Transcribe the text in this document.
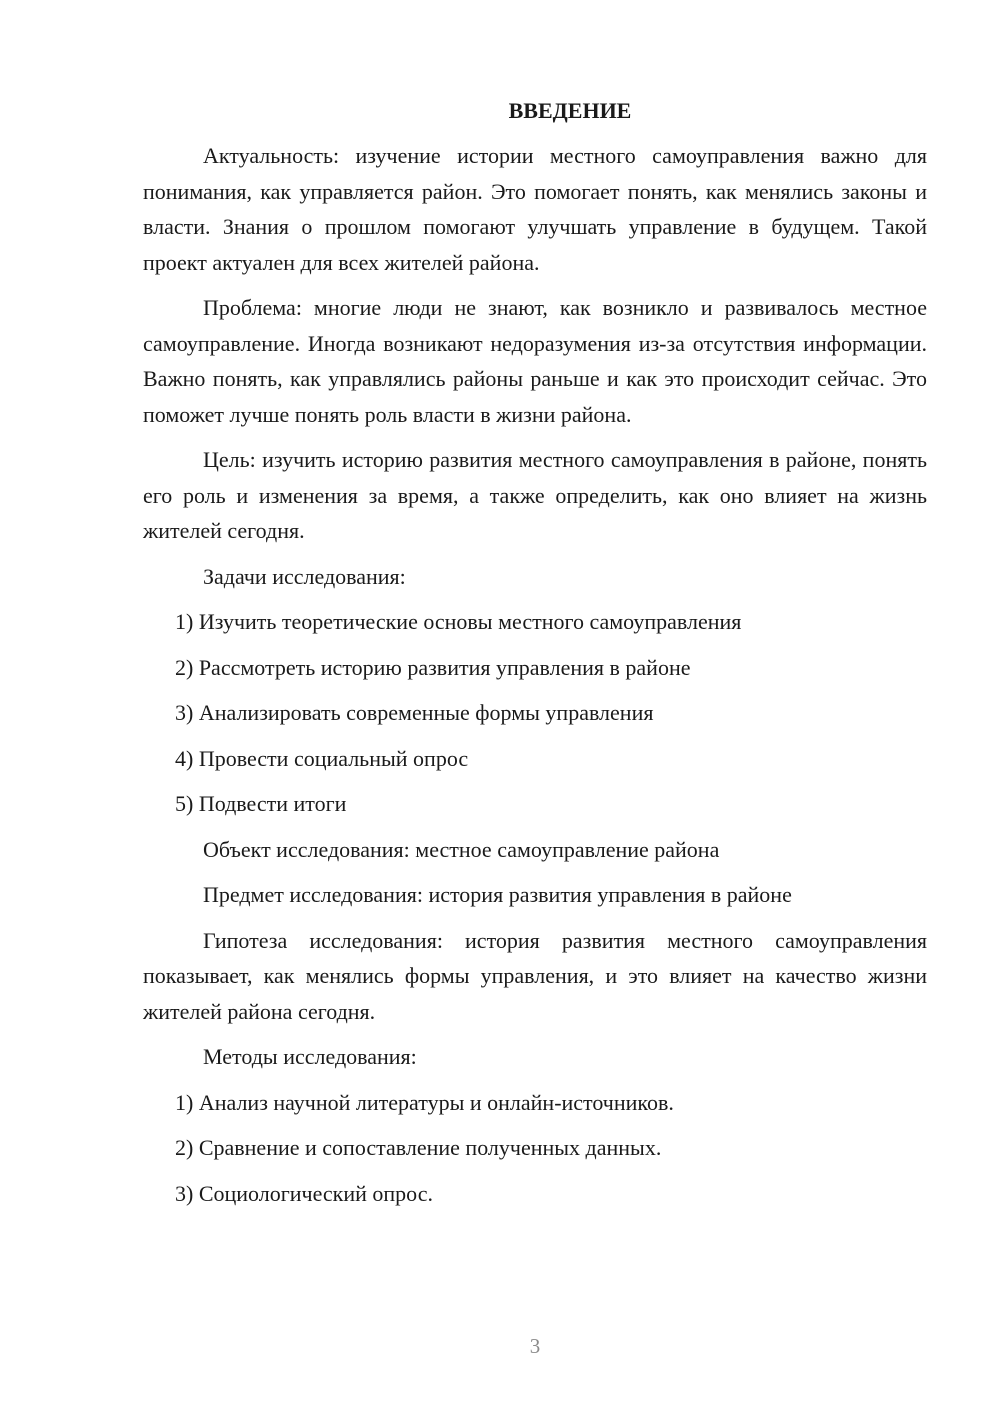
ВВЕДЕНИЕ

Актуальность: изучение истории местного самоуправления важно для понимания, как управляется район. Это помогает понять, как менялись законы и власти. Знания о прошлом помогают улучшать управление в будущем. Такой проект актуален для всех жителей района.

Проблема: многие люди не знают, как возникло и развивалось местное самоуправление. Иногда возникают недоразумения из-за отсутствия информации. Важно понять, как управлялись районы раньше и как это происходит сейчас. Это поможет лучше понять роль власти в жизни района.

Цель: изучить историю развития местного самоуправления в районе, понять его роль и изменения за время, а также определить, как оно влияет на жизнь жителей сегодня.

Задачи исследования:

1) Изучить теоретические основы местного самоуправления

2) Рассмотреть историю развития управления в районе

3) Анализировать современные формы управления

4) Провести социальный опрос

5) Подвести итоги

Объект исследования: местное самоуправление района

Предмет исследования: история развития управления в районе

Гипотеза исследования: история развития местного самоуправления показывает, как менялись формы управления, и это влияет на качество жизни жителей района сегодня.

Методы исследования:

1) Анализ научной литературы и онлайн-источников.

2) Сравнение и сопоставление полученных данных.

3) Социологический опрос.

3
